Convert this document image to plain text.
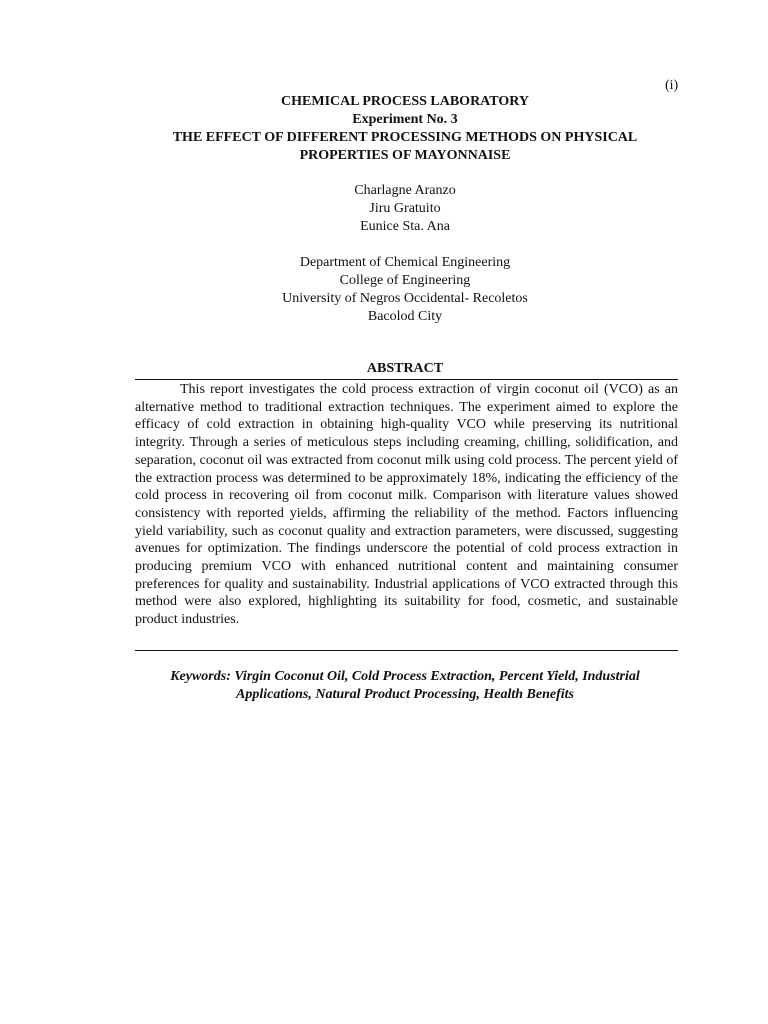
(i)
CHEMICAL PROCESS LABORATORY
Experiment No. 3
THE EFFECT OF DIFFERENT PROCESSING METHODS ON PHYSICAL
PROPERTIES OF MAYONNAISE
Charlagne Aranzo
Jiru Gratuito
Eunice Sta. Ana
Department of Chemical Engineering
College of Engineering
University of Negros Occidental- Recoletos
Bacolod City
ABSTRACT

This report investigates the cold process extraction of virgin coconut oil (VCO) as an alternative method to traditional extraction techniques. The experiment aimed to explore the efficacy of cold extraction in obtaining high-quality VCO while preserving its nutritional integrity. Through a series of meticulous steps including creaming, chilling, solidification, and separation, coconut oil was extracted from coconut milk using cold process. The percent yield of the extraction process was determined to be approximately 18%, indicating the efficiency of the cold process in recovering oil from coconut milk. Comparison with literature values showed consistency with reported yields, affirming the reliability of the method. Factors influencing yield variability, such as coconut quality and extraction parameters, were discussed, suggesting avenues for optimization. The findings underscore the potential of cold process extraction in producing premium VCO with enhanced nutritional content and maintaining consumer preferences for quality and sustainability. Industrial applications of VCO extracted through this method were also explored, highlighting its suitability for food, cosmetic, and sustainable product industries.

Keywords: Virgin Coconut Oil, Cold Process Extraction, Percent Yield, Industrial
Applications, Natural Product Processing, Health Benefits
